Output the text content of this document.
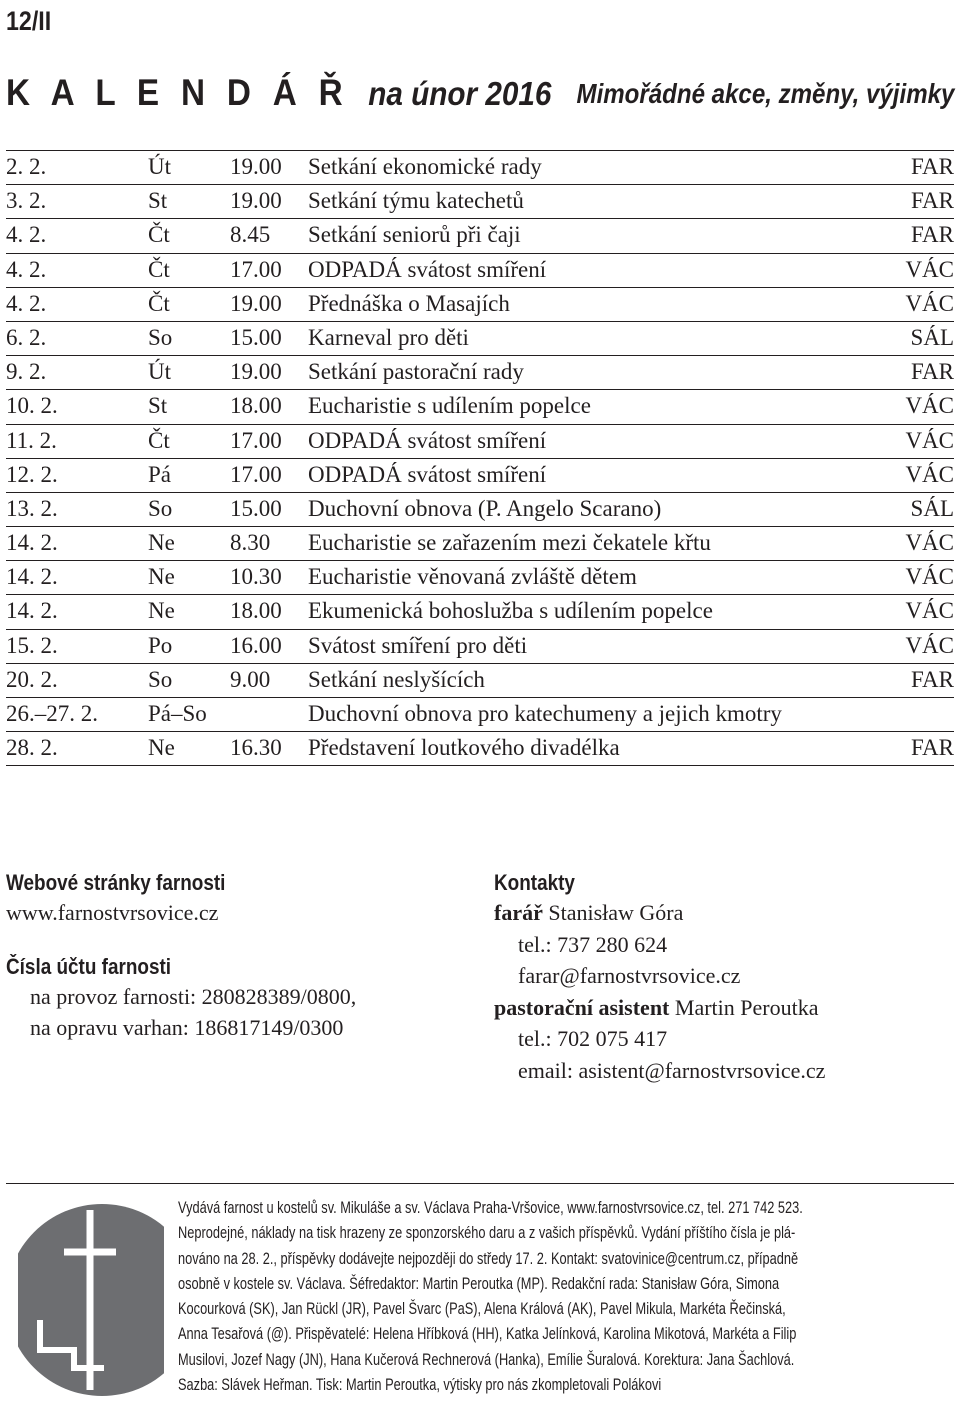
12/II
K A L E N D Á Ř na únor 2016 Mimořádné akce, změny, výjimky
2. 2.	Út	19.00 Setkání ekonomické rady	FAR
3. 2.	St	19.00 Setkání týmu katechetů	FAR
4. 2.	Čt	8.45 Setkání seniorů při čaji	FAR
4. 2.	Čt	17.00 ODPADÁ svátost smíření	VÁC
4. 2.	Čt	19.00 Přednáška o Masajích	VÁC
6. 2.	So	15.00 Karneval pro děti	SÁL
9. 2.	Út	19.00 Setkání pastorační rady	FAR
10. 2.	St	18.00 Eucharistie s udílením popelce	VÁC
11. 2.	Čt	17.00 ODPADÁ svátost smíření	VÁC
12. 2.	Pá	17.00 ODPADÁ svátost smíření	VÁC
13. 2.	So	15.00 Duchovní obnova (P. Angelo Scarano)	SÁL
14. 2.	Ne 8.30 Eucharistie se zařazením mezi čekatele křtu	VÁC
14. 2.	Ne 10.30 Eucharistie věnovaná zvláště dětem	VÁC
14. 2.	Ne 18.00 Ekumenická bohoslužba s udílením popelce	VÁC
15. 2.	Po	16.00 Svátost smíření pro děti	VÁC
20. 2.	So	9.00 Setkání neslyšících	FAR
26.–27. 2. Pá–So	Duchovní obnova pro katechumeny a jejich kmotry
28. 2.	Ne 16.30 Představení loutkového divadélka	FAR
Webové stránky farnosti
www.farnostvrsovice.cz
Čísla účtu farnosti
na provoz farnosti: 280828389/0800,
na opravu varhan: 186817149/0300
Kontakty
farář Stanisław Góra
tel.: 737 280 624
farar@farnostvrsovice.cz
pastorační asistent Martin Peroutka
tel.: 702 075 417
email: asistent@farnostvrsovice.cz
Vydává farnost u kostelů sv. Mikuláše a sv. Václava Praha-Vršovice, www.farnostvrsovice.cz, tel. 271 742 523.
Neprodejné, náklady na tisk hrazeny ze sponzorského daru a z vašich příspěvků. Vydání příštího čísla je plá-
nováno na 28. 2., příspěvky dodávejte nejpozději do středy 17. 2. Kontakt: svatovinice@centrum.cz, případně
osobně v kostele sv. Václava. Šéfredaktor: Martin Peroutka (MP). Redakční rada: Stanisław Góra, Simona
Kocourková (SK), Jan Rückl (JR), Pavel Švarc (PaS), Alena Králová (AK), Pavel Mikula, Markéta Řečinská,
Anna Tesařová (@). Přispěvatelé: Helena Hříbková (HH), Katka Jelínková, Karolina Mikotová, Markéta a Filip
Musilovi, Jozef Nagy (JN), Hana Kučerová Rechnerová (Hanka), Emílie Šuralová. Korektura: Jana Šachlová.
Sazba: Slávek Heřman. Tisk: Martin Peroutka, výtisky pro nás zkompletovali Polákovi
